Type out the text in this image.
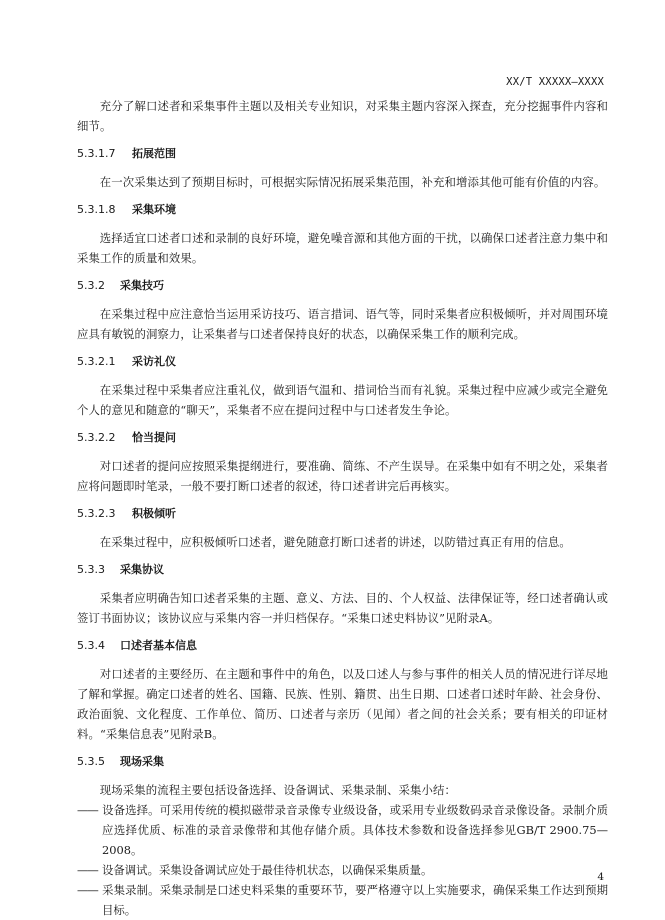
XX/T XXXXX—XXXX

充分了解口述者和采集事件主题以及相关专业知识，对采集主题内容深入探查，充分挖掘事件内容和细节。

5.3.1.7	拓展范围

在一次采集达到了预期目标时，可根据实际情况拓展采集范围，补充和增添其他可能有价值的内容。

5.3.1.8	采集环境

选择适宜口述者口述和录制的良好环境，避免噪音源和其他方面的干扰，以确保口述者注意力集中和采集工作的质量和效果。

5.3.2	采集技巧

在采集过程中应注意恰当运用采访技巧、语言措词、语气等，同时采集者应积极倾听，并对周围环境应具有敏锐的洞察力，让采集者与口述者保持良好的状态，以确保采集工作的顺利完成。

5.3.2.1	采访礼仪

在采集过程中采集者应注重礼仪，做到语气温和、措词恰当而有礼貌。采集过程中应减少或完全避免个人的意见和随意的“聊天”，采集者不应在提问过程中与口述者发生争论。

5.3.2.2	恰当提问

对口述者的提问应按照采集提纲进行，要准确、简练、不产生误导。在采集中如有不明之处，采集者应将问题即时笔录，一般不要打断口述者的叙述，待口述者讲完后再核实。

5.3.2.3	积极倾听

在采集过程中，应积极倾听口述者，避免随意打断口述者的讲述，以防错过真正有用的信息。

5.3.3	采集协议

采集者应明确告知口述者采集的主题、意义、方法、目的、个人权益、法律保证等，经口述者确认或签订书面协议；该协议应与采集内容一并归档保存。“采集口述史料协议”见附录A。

5.3.4	口述者基本信息

对口述者的主要经历、在主题和事件中的角色，以及口述人与参与事件的相关人员的情况进行详尽地了解和掌握。确定口述者的姓名、国籍、民族、性别、籍贯、出生日期、口述者口述时年龄、社会身份、政治面貌、文化程度、工作单位、简历、口述者与亲历（见闻）者之间的社会关系；要有相关的印证材料。“采集信息表”见附录B。

5.3.5	现场采集

现场采集的流程主要包括设备选择、设备调试、采集录制、采集小结：

—— 设备选择。可采用传统的模拟磁带录音录像专业级设备，或采用专业级数码录音录像设备。录制介质应选择优质、标准的录音录像带和其他存储介质。具体技术参数和设备选择参见GB/T 2900.75—2008。

—— 设备调试。采集设备调试应处于最佳待机状态，以确保采集质量。

—— 采集录制。采集录制是口述史料采集的重要环节，要严格遵守以上实施要求，确保采集工作达到预期目标。

4
